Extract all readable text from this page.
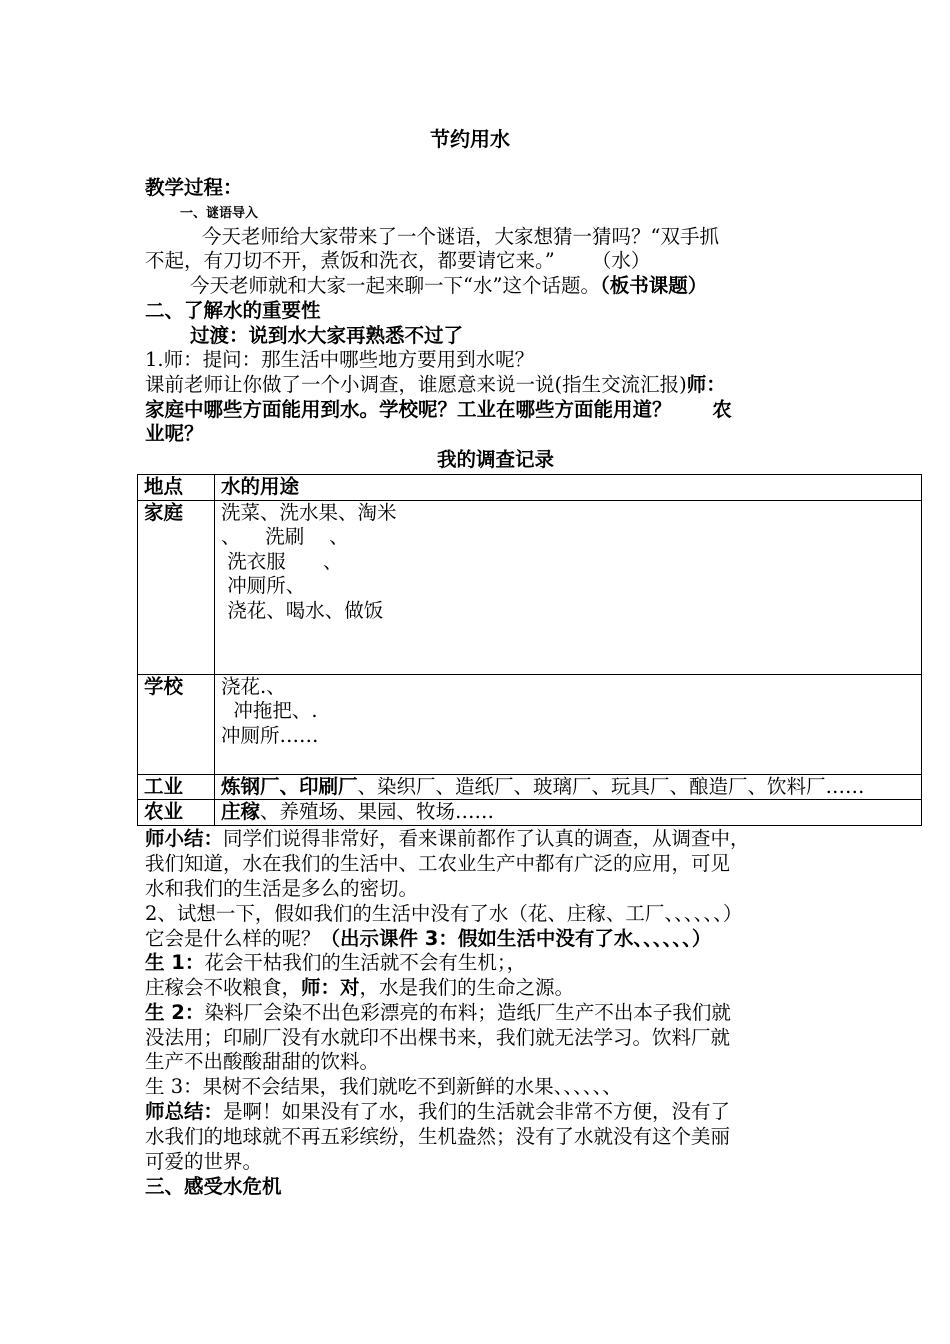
节约用水
教学过程：
一、谜语导入
今天老师给大家带来了一个谜语，大家想猜一猜吗？“双手抓
不起，有刀切不开，煮饭和洗衣，都要请它来。”      （水）
今天老师就和大家一起来聊一下“水”这个话题。（板书课题）
二、了解水的重要性
过渡：说到水大家再熟悉不过了
1.师：提问：那生活中哪些地方要用到水呢？
课前老师让你做了一个小调查，谁愿意来说一说(指生交流汇报)师：
家庭中哪些方面能用到水。学校呢？工业在哪些方面能用道？      农
业呢？
我的调查记录
地点	水的用途
家庭	洗菜、洗水果、淘米
、    洗刷    、
洗衣服      、
冲厕所、
浇花、喝水、做饭

学校	浇花.、
冲拖把、.
冲厕所……

工业	炼钢厂、印刷厂、染织厂、造纸厂、玻璃厂、玩具厂、酿造厂、饮料厂……
农业	庄稼、养殖场、果园、牧场……
师小结：同学们说得非常好，看来课前都作了认真的调查，从调查中，
我们知道，水在我们的生活中、工农业生产中都有广泛的应用，可见
水和我们的生活是多么的密切。
2、试想一下，假如我们的生活中没有了水（花、庄稼、工厂、、、、、、）
它会是什么样的呢？（出示课件 3：假如生活中没有了水、、、、、、）
生 1：花会干枯我们的生活就不会有生机；，
庄稼会不收粮食，师：对，水是我们的生命之源。
生 2：染料厂会染不出色彩漂亮的布料；造纸厂生产不出本子我们就
没法用；印刷厂没有水就印不出棵书来，我们就无法学习。饮料厂就
生产不出酸酸甜甜的饮料。
生 3：果树不会结果，我们就吃不到新鲜的水果、、、、、、
师总结：是啊！如果没有了水，我们的生活就会非常不方便，没有了
水我们的地球就不再五彩缤纷，生机盎然；没有了水就没有这个美丽
可爱的世界。
三、感受水危机
